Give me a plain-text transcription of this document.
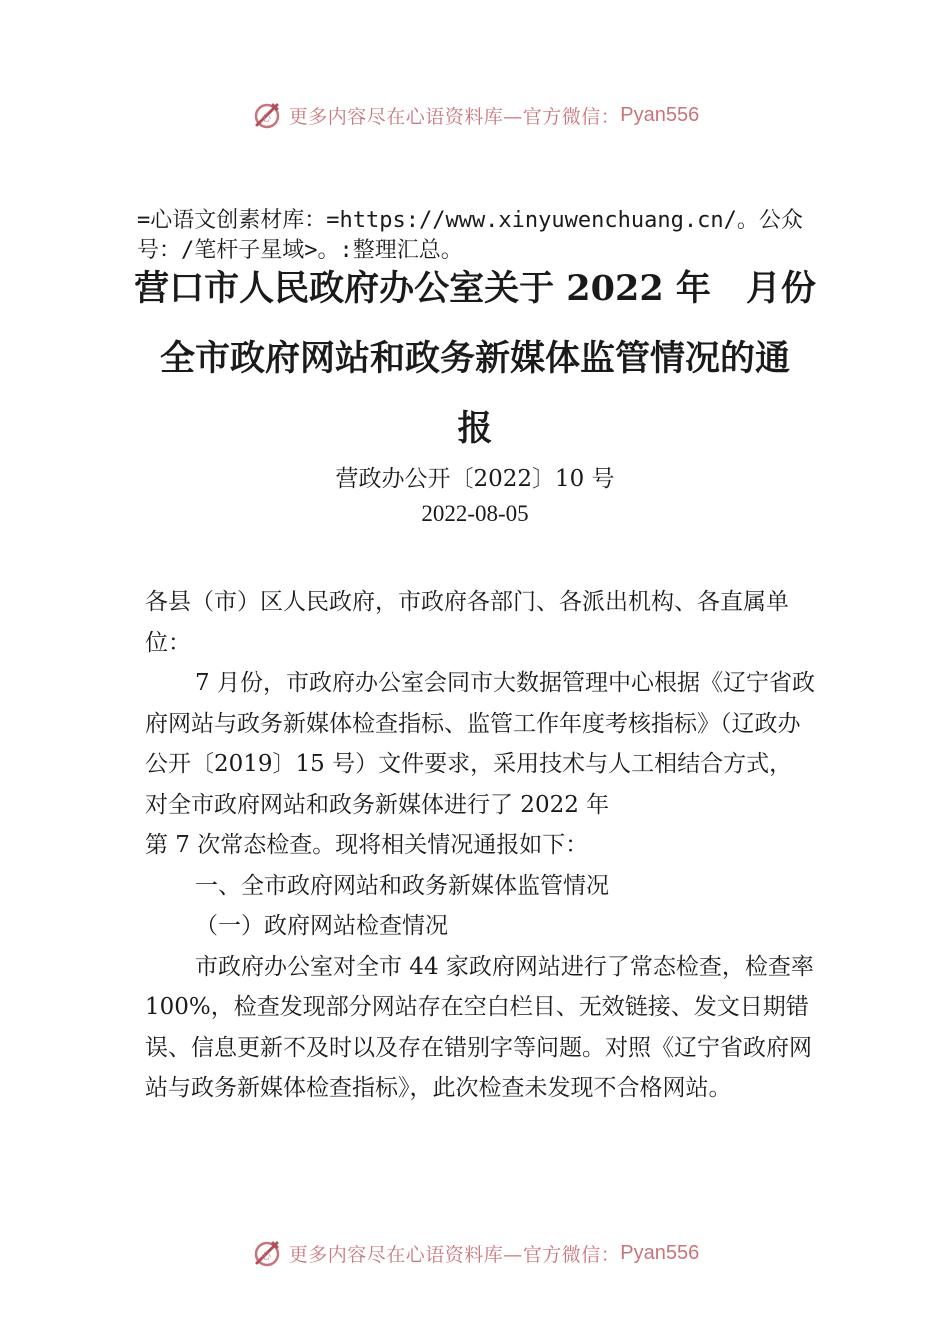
心 更多内容尽在心语资料库—官方微信： Pyan556
=心语文创素材库：=https://www.xinyuwenchuang.cn/。公众号：/笔杆子星域>。:整理汇总。
营口市人民政府办公室关于 2022 年　月份
全市政府网站和政务新媒体监管情况的通
报
营政办公开〔2022〕10 号
2022-08-05

各县（市）区人民政府，市政府各部门、各派出机构、各直属单位：

7 月份，市政府办公室会同市大数据管理中心根据《辽宁省政府网站与政务新媒体检查指标、监管工作年度考核指标》（辽政办公开〔2019〕15 号）文件要求，采用技术与人工相结合方式，对全市政府网站和政务新媒体进行了 2022 年

第 7 次常态检查。现将相关情况通报如下：

一、全市政府网站和政务新媒体监管情况

（一）政府网站检查情况

市政府办公室对全市 44 家政府网站进行了常态检查，检查率 100%，检查发现部分网站存在空白栏目、无效链接、发文日期错误、信息更新不及时以及存在错别字等问题。对照《辽宁省政府网站与政务新媒体检查指标》，此次检查未发现不合格网站。

心 更多内容尽在心语资料库—官方微信： Pyan556
